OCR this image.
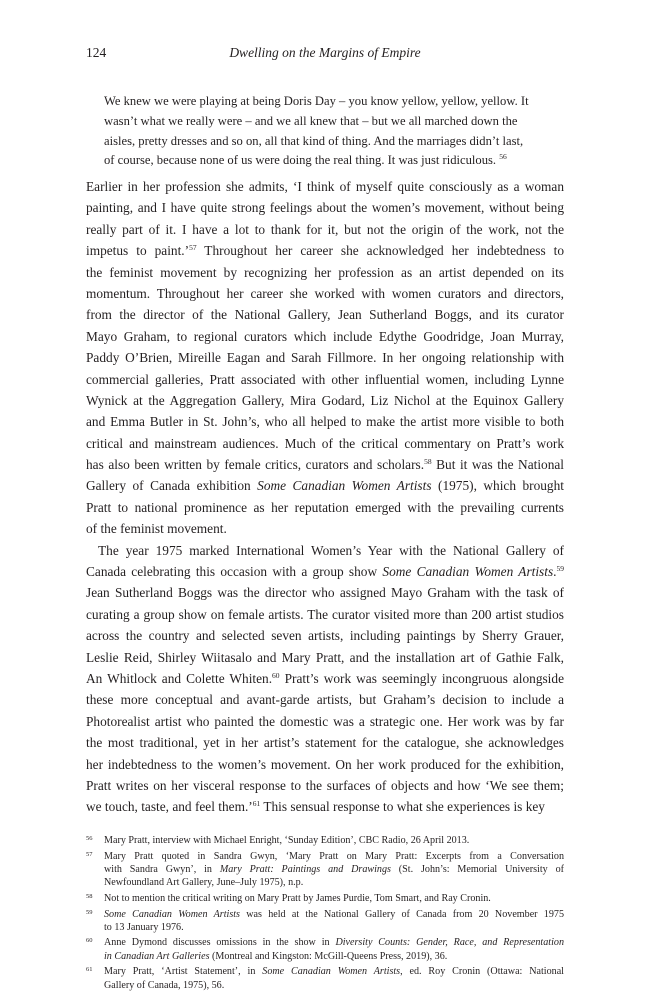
124	Dwelling on the Margins of Empire
We knew we were playing at being Doris Day – you know yellow, yellow, yellow. It
wasn’t what we really were – and we all knew that – but we all marched down the
aisles, pretty dresses and so on, all that kind of thing. And the marriages didn’t last,
of course, because none of us were doing the real thing. It was just ridiculous. $^{56}$
Earlier in her profession she admits, ‘I think of myself quite consciously as a woman
painting, and I have quite strong feelings about the women’s movement, without being
really part of it. I have a lot to thank for it, but not the origin of the work, not the
impetus to paint.’$^{57}$ Throughout her career she acknowledged her indebtedness to
the feminist movement by recognizing her profession as an artist depended on its
momentum. Throughout her career she worked with women curators and directors,
from the director of the National Gallery, Jean Sutherland Boggs, and its curator
Mayo Graham, to regional curators which include Edythe Goodridge, Joan Murray,
Paddy O’Brien, Mireille Eagan and Sarah Fillmore. In her ongoing relationship with
commercial galleries, Pratt associated with other influential women, including Lynne
Wynick at the Aggregation Gallery, Mira Godard, Liz Nichol at the Equinox Gallery
and Emma Butler in St. John’s, who all helped to make the artist more visible to both
critical and mainstream audiences. Much of the critical commentary on Pratt’s work
has also been written by female critics, curators and scholars.$^{58}$ But it was the National
Gallery of Canada exhibition Some Canadian Women Artists (1975), which brought
Pratt to national prominence as her reputation emerged with the prevailing currents
of the feminist movement.
The year 1975 marked International Women’s Year with the National Gallery of
Canada celebrating this occasion with a group show Some Canadian Women Artists.$^{59}$
Jean Sutherland Boggs was the director who assigned Mayo Graham with the task of
curating a group show on female artists. The curator visited more than 200 artist studios
across the country and selected seven artists, including paintings by Sherry Grauer,
Leslie Reid, Shirley Wiitasalo and Mary Pratt, and the installation art of Gathie Falk,
An Whitlock and Colette Whiten.$^{60}$ Pratt’s work was seemingly incongruous alongside
these more conceptual and avant-garde artists, but Graham’s decision to include a
Photorealist artist who painted the domestic was a strategic one. Her work was by far
the most traditional, yet in her artist’s statement for the catalogue, she acknowledges
her indebtedness to the women’s movement. On her work produced for the exhibition,
Pratt writes on her visceral response to the surfaces of objects and how ‘We see them;
we touch, taste, and feel them.’$^{61}$ This sensual response to what she experiences is key
56 Mary Pratt, interview with Michael Enright, ‘Sunday Edition’, CBC Radio, 26 April 2013.
57 Mary Pratt quoted in Sandra Gwyn, ‘Mary Pratt on Mary Pratt: Excerpts from a Conversation
with Sandra Gwyn’, in Mary Pratt: Paintings and Drawings (St. John’s: Memorial University of
Newfoundland Art Gallery, June–July 1975), n.p.
58 Not to mention the critical writing on Mary Pratt by James Purdie, Tom Smart, and Ray Cronin.
59 Some Canadian Women Artists was held at the National Gallery of Canada from 20 November 1975
to 13 January 1976.
60 Anne Dymond discusses omissions in the show in Diversity Counts: Gender, Race, and Representation
in Canadian Art Galleries (Montreal and Kingston: McGill-Queens Press, 2019), 36.
61 Mary Pratt, ‘Artist Statement’, in Some Canadian Women Artists, ed. Roy Cronin (Ottawa: National
Gallery of Canada, 1975), 56.
